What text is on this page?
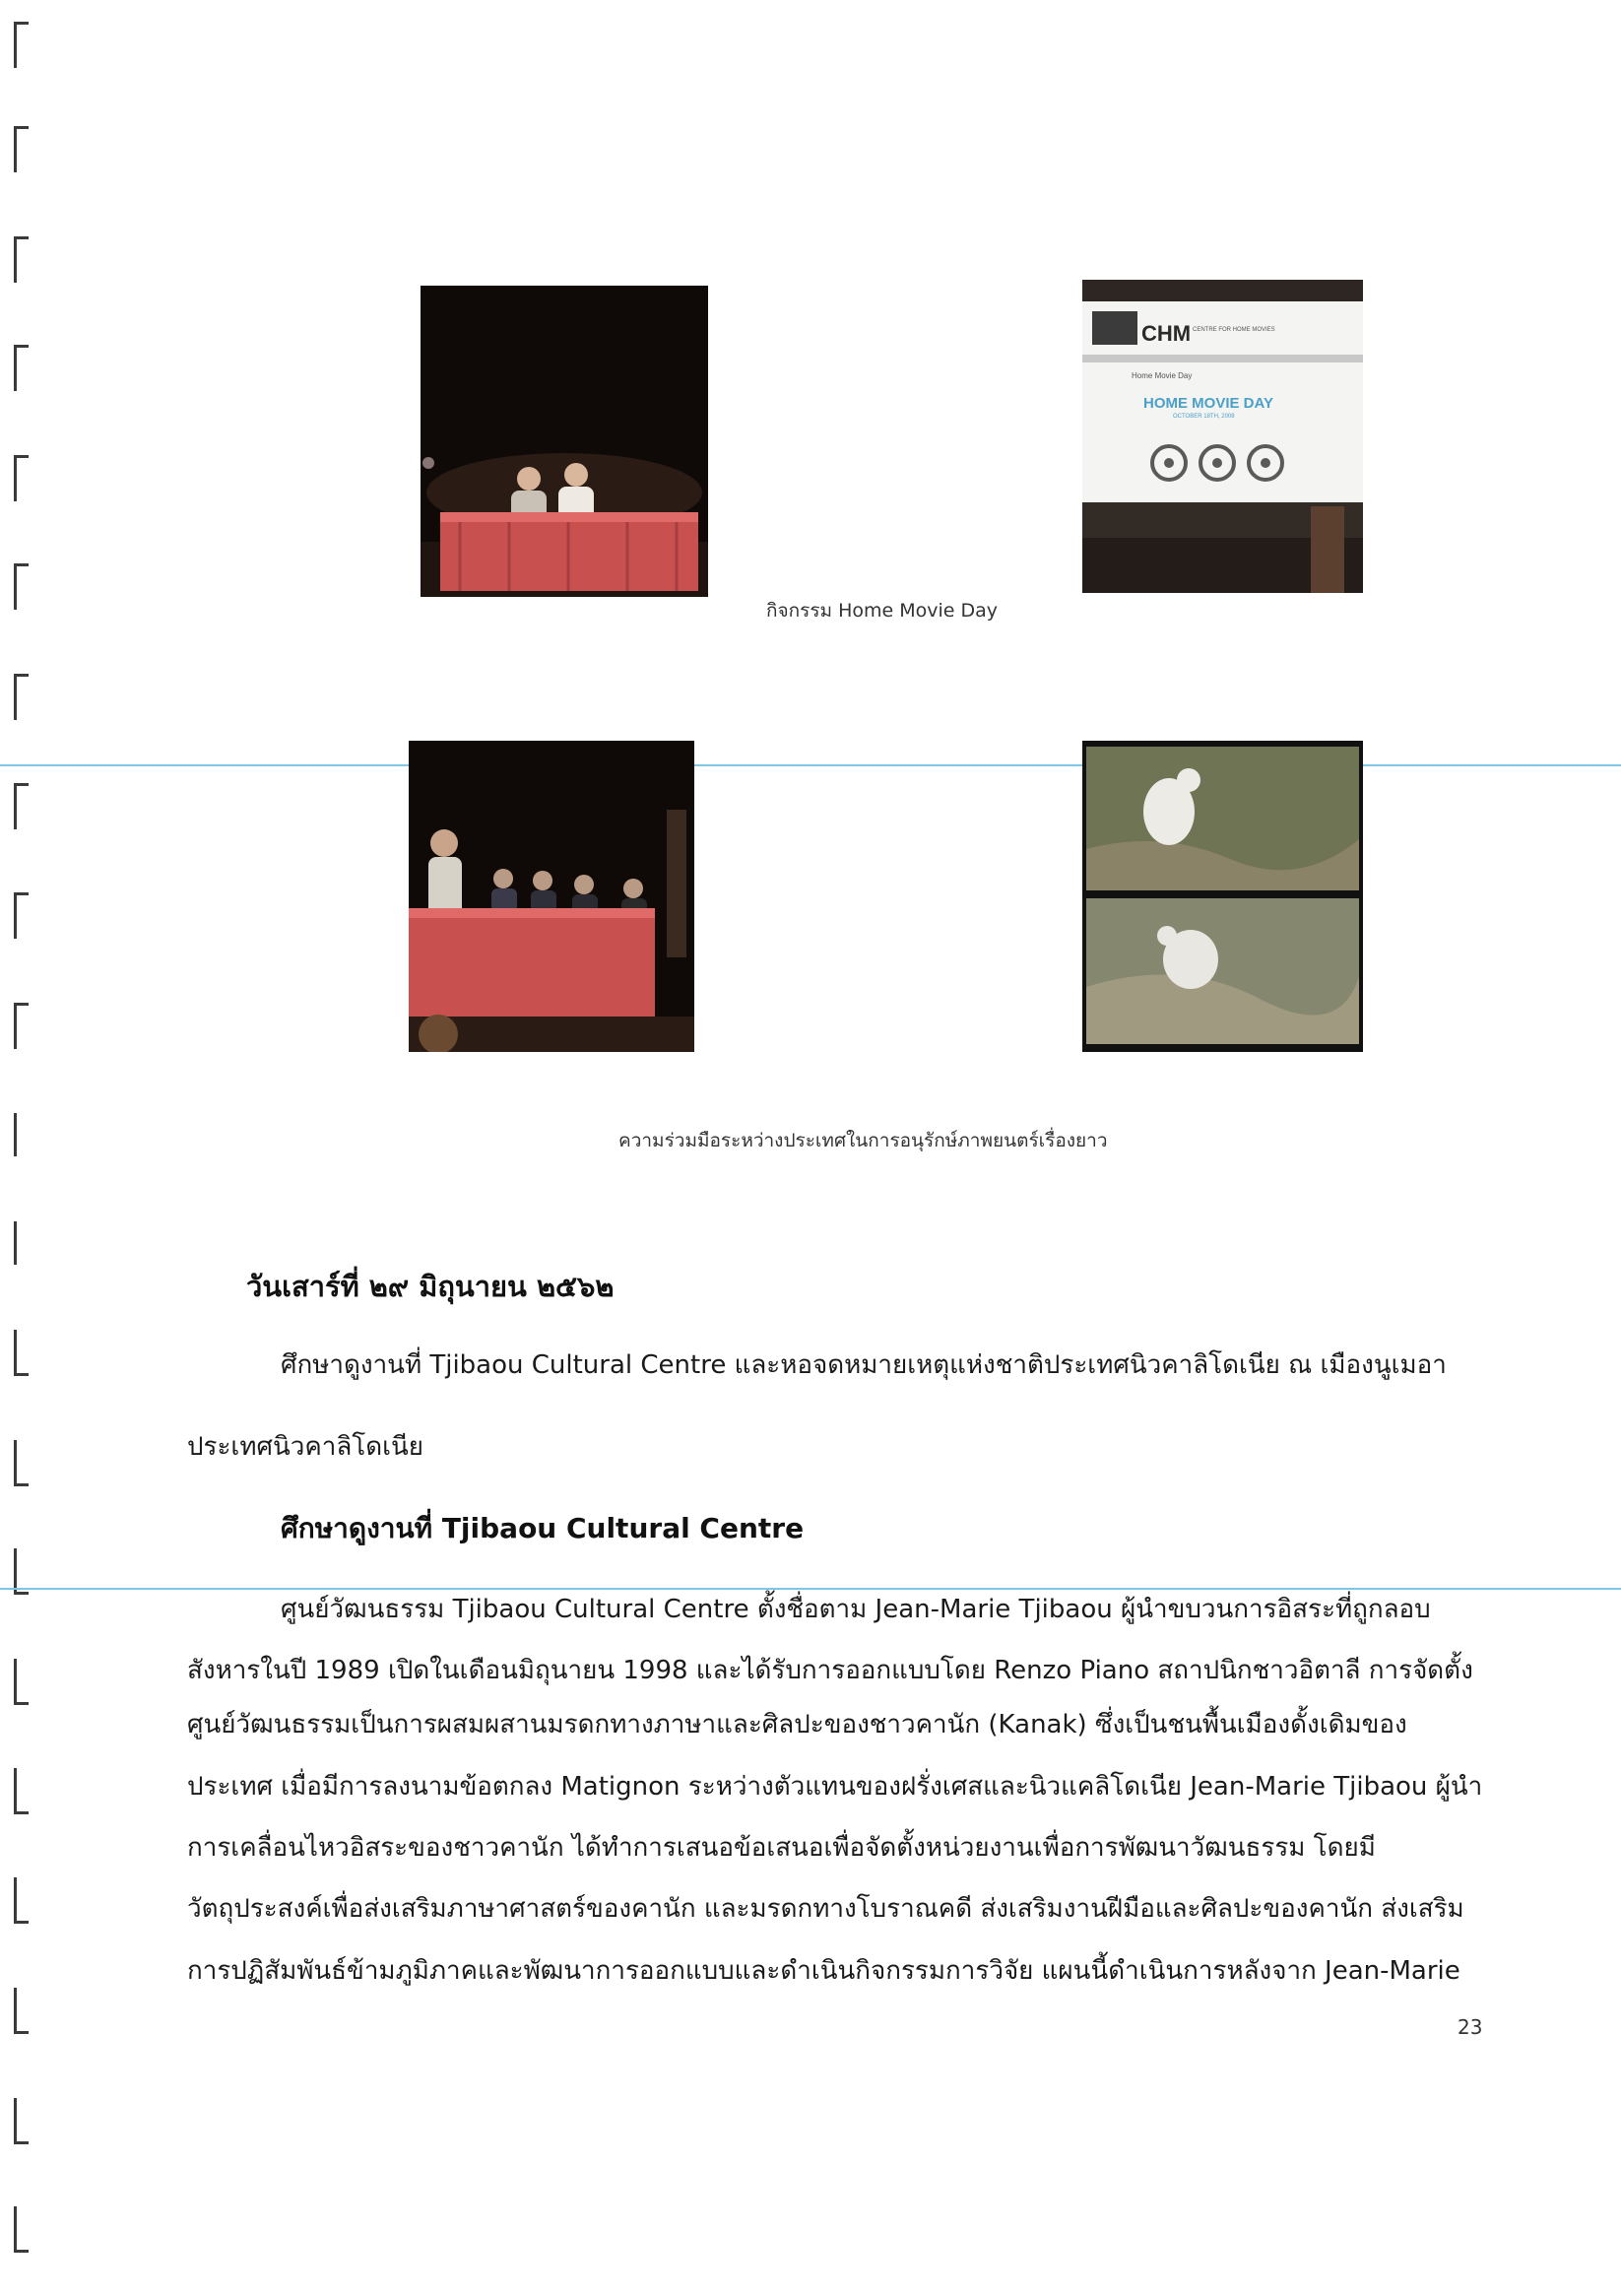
CHM CENTRE FOR HOME MOVIES
Home Movie Day
HOME MOVIE DAY
OCTOBER 18TH, 2008
กิจกรรม Home Movie Day
ความร่วมมือระหว่างประเทศในการอนุรักษ์ภาพยนตร์เรื่องยาว
วันเสาร์ที่ ๒๙ มิถุนายน ๒๕๖๒
ศึกษาดูงานที่ Tjibaou Cultural Centre และหอจดหมายเหตุแห่งชาติประเทศนิวคาลิโดเนีย ณ เมืองนูเมอา
ประเทศนิวคาลิโดเนีย
ศึกษาดูงานที่ Tjibaou Cultural Centre
ศูนย์วัฒนธรรม Tjibaou Cultural Centre ตั้งชื่อตาม Jean-Marie Tjibaou ผู้นำขบวนการอิสระที่ถูกลอบ
สังหารในปี 1989 เปิดในเดือนมิถุนายน 1998 และได้รับการออกแบบโดย Renzo Piano สถาปนิกชาวอิตาลี การจัดตั้ง
ศูนย์วัฒนธรรมเป็นการผสมผสานมรดกทางภาษาและศิลปะของชาวคานัก (Kanak) ซึ่งเป็นชนพื้นเมืองดั้งเดิมของ
ประเทศ เมื่อมีการลงนามข้อตกลง Matignon ระหว่างตัวแทนของฝรั่งเศสและนิวแคลิโดเนีย Jean-Marie Tjibaou ผู้นำ
การเคลื่อนไหวอิสระของชาวคานัก ได้ทำการเสนอข้อเสนอเพื่อจัดตั้งหน่วยงานเพื่อการพัฒนาวัฒนธรรม โดยมี
วัตถุประสงค์เพื่อส่งเสริมภาษาศาสตร์ของคานัก และมรดกทางโบราณคดี ส่งเสริมงานฝีมือและศิลปะของคานัก ส่งเสริม
การปฏิสัมพันธ์ข้ามภูมิภาคและพัฒนาการออกแบบและดำเนินกิจกรรมการวิจัย แผนนี้ดำเนินการหลังจาก Jean-Marie
23
